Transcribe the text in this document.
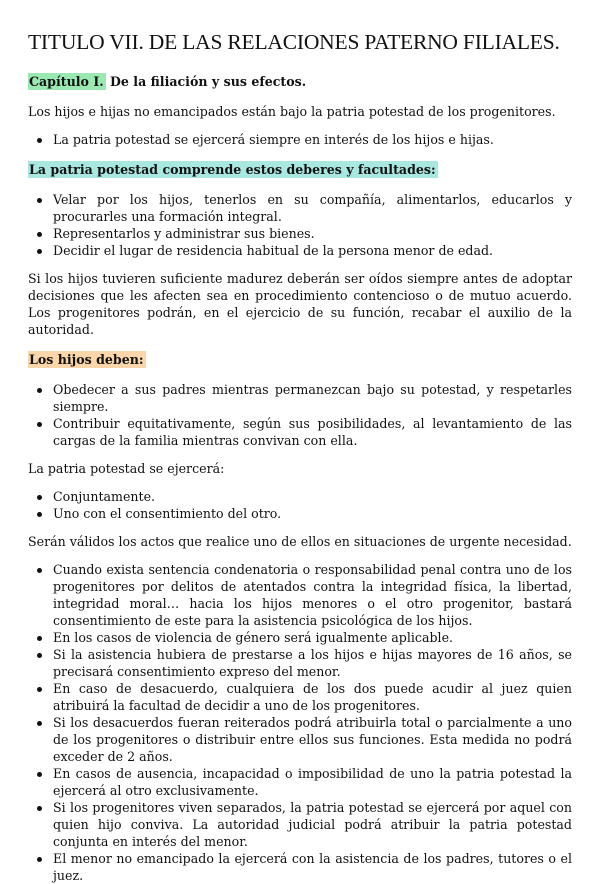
TITULO VII. DE LAS RELACIONES PATERNO FILIALES.

Capítulo I. De la filiación y sus efectos.

Los hijos e hijas no emancipados están bajo la patria potestad de los progenitores.

La patria potestad se ejercerá siempre en interés de los hijos e hijas.

La patria potestad comprende estos deberes y facultades:

Velar por los hijos, tenerlos en su compañía, alimentarlos, educarlos y procurarles una formación integral.
Representarlos y administrar sus bienes.
Decidir el lugar de residencia habitual de la persona menor de edad.

Si los hijos tuvieren suficiente madurez deberán ser oídos siempre antes de adoptar decisiones que les afecten sea en procedimiento contencioso o de mutuo acuerdo. Los progenitores podrán, en el ejercicio de su función, recabar el auxilio de la autoridad.

Los hijos deben:

Obedecer a sus padres mientras permanezcan bajo su potestad, y respetarles siempre.
Contribuir equitativamente, según sus posibilidades, al levantamiento de las cargas de la familia mientras convivan con ella.

La patria potestad se ejercerá:

Conjuntamente.
Uno con el consentimiento del otro.

Serán válidos los actos que realice uno de ellos en situaciones de urgente necesidad.

Cuando exista sentencia condenatoria o responsabilidad penal contra uno de los progenitores por delitos de atentados contra la integridad física, la libertad, integridad moral… hacia los hijos menores o el otro progenitor, bastará consentimiento de este para la asistencia psicológica de los hijos.
En los casos de violencia de género será igualmente aplicable.
Si la asistencia hubiera de prestarse a los hijos e hijas mayores de 16 años, se precisará consentimiento expreso del menor.
En caso de desacuerdo, cualquiera de los dos puede acudir al juez quien atribuirá la facultad de decidir a uno de los progenitores.
Si los desacuerdos fueran reiterados podrá atribuirla total o parcialmente a uno de los progenitores o distribuir entre ellos sus funciones. Esta medida no podrá exceder de 2 años.
En casos de ausencia, incapacidad o imposibilidad de uno la patria potestad la ejercerá al otro exclusivamente.
Si los progenitores viven separados, la patria potestad se ejercerá por aquel con quien hijo conviva. La autoridad judicial podrá atribuir la patria potestad conjunta en interés del menor.
El menor no emancipado la ejercerá con la asistencia de los padres, tutores o el juez.
